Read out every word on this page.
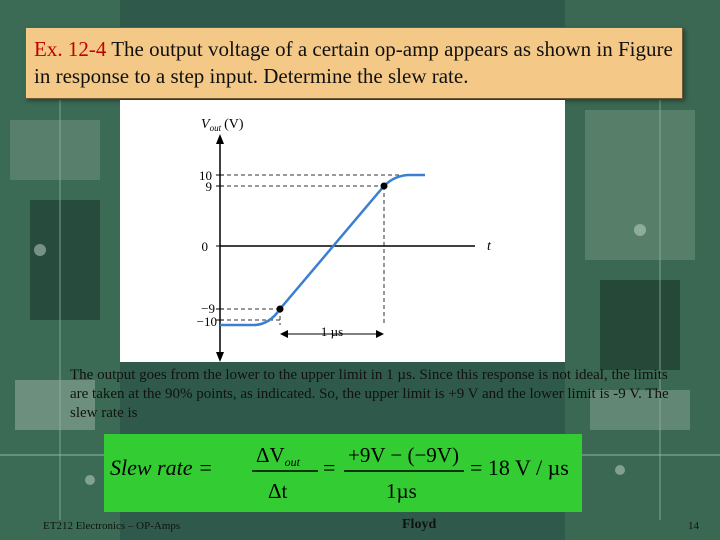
Ex. 12-4 The output voltage of a certain op-amp appears as shown in Figure in response to a step input. Determine the slew rate.
10
9
0
−9
−10
$V_{out}$ (V)
t
1 µs
The output goes from the lower to the upper limit in 1 µs. Since this response is not ideal, the limits are taken at the 90% points, as indicated. So, the upper limit is +9 V and the lower limit is -9 V. The slew rate is
Slew rate = ΔVout
Δt
= +9V − (−9V)
1µs
= 18 V / µs
ET212 Electronics – OP-Amps	Floyd	14
